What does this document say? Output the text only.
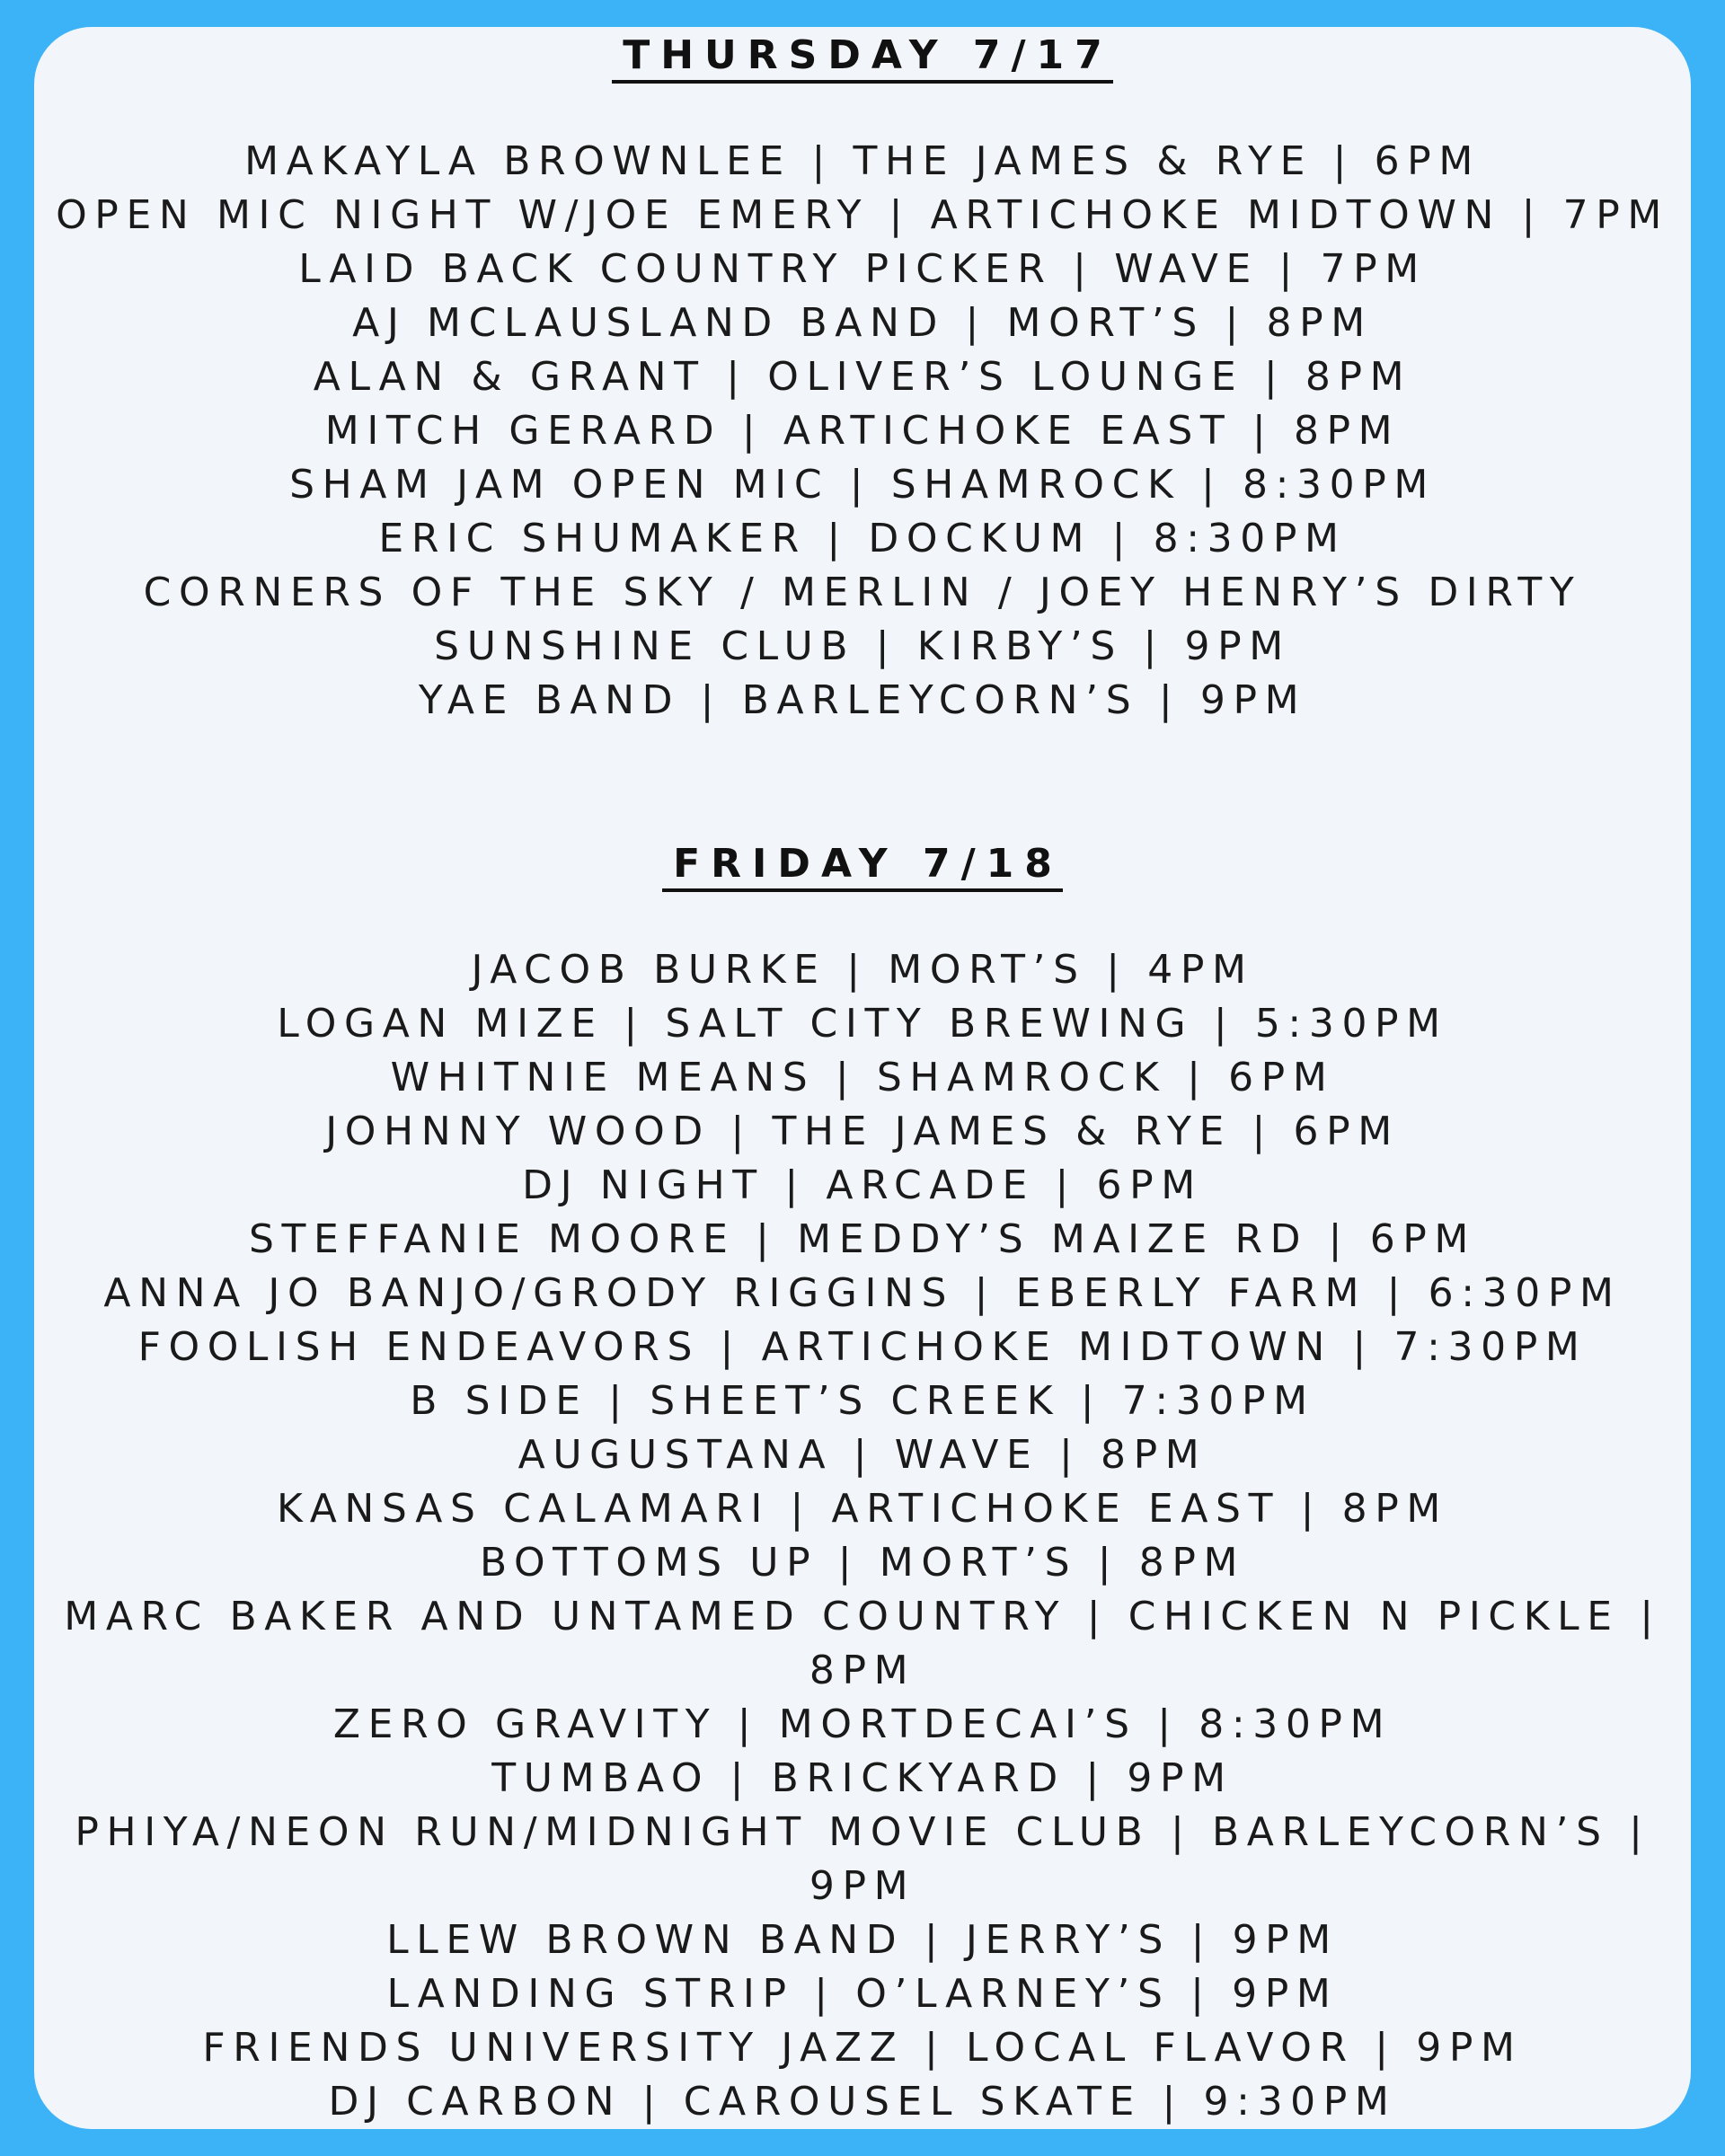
THURSDAY 7/17
MAKAYLA BROWNLEE | THE JAMES & RYE | 6PM
OPEN MIC NIGHT W/JOE EMERY | ARTICHOKE MIDTOWN | 7PM
LAID BACK COUNTRY PICKER | WAVE | 7PM
AJ MCLAUSLAND BAND | MORT’S | 8PM
ALAN & GRANT | OLIVER’S LOUNGE | 8PM
MITCH GERARD | ARTICHOKE EAST | 8PM
SHAM JAM OPEN MIC | SHAMROCK | 8:30PM
ERIC SHUMAKER | DOCKUM | 8:30PM
CORNERS OF THE SKY / MERLIN / JOEY HENRY’S DIRTY SUNSHINE CLUB | KIRBY’S | 9PM
YAE BAND | BARLEYCORN’S | 9PM
FRIDAY 7/18
JACOB BURKE | MORT’S | 4PM
LOGAN MIZE | SALT CITY BREWING | 5:30PM
WHITNIE MEANS | SHAMROCK | 6PM
JOHNNY WOOD | THE JAMES & RYE | 6PM
DJ NIGHT | ARCADE | 6PM
STEFFANIE MOORE | MEDDY’S MAIZE RD | 6PM
ANNA JO BANJO/GRODY RIGGINS | EBERLY FARM | 6:30PM
FOOLISH ENDEAVORS | ARTICHOKE MIDTOWN | 7:30PM
B SIDE | SHEET’S CREEK | 7:30PM
AUGUSTANA | WAVE | 8PM
KANSAS CALAMARI | ARTICHOKE EAST | 8PM
BOTTOMS UP | MORT’S | 8PM
MARC BAKER AND UNTAMED COUNTRY | CHICKEN N PICKLE | 8PM
ZERO GRAVITY | MORTDECAI’S | 8:30PM
TUMBAO | BRICKYARD | 9PM
PHIYA/NEON RUN/MIDNIGHT MOVIE CLUB | BARLEYCORN’S | 9PM
LLEW BROWN BAND | JERRY’S | 9PM
LANDING STRIP | O’LARNEY’S | 9PM
FRIENDS UNIVERSITY JAZZ | LOCAL FLAVOR | 9PM
DJ CARBON | CAROUSEL SKATE | 9:30PM
